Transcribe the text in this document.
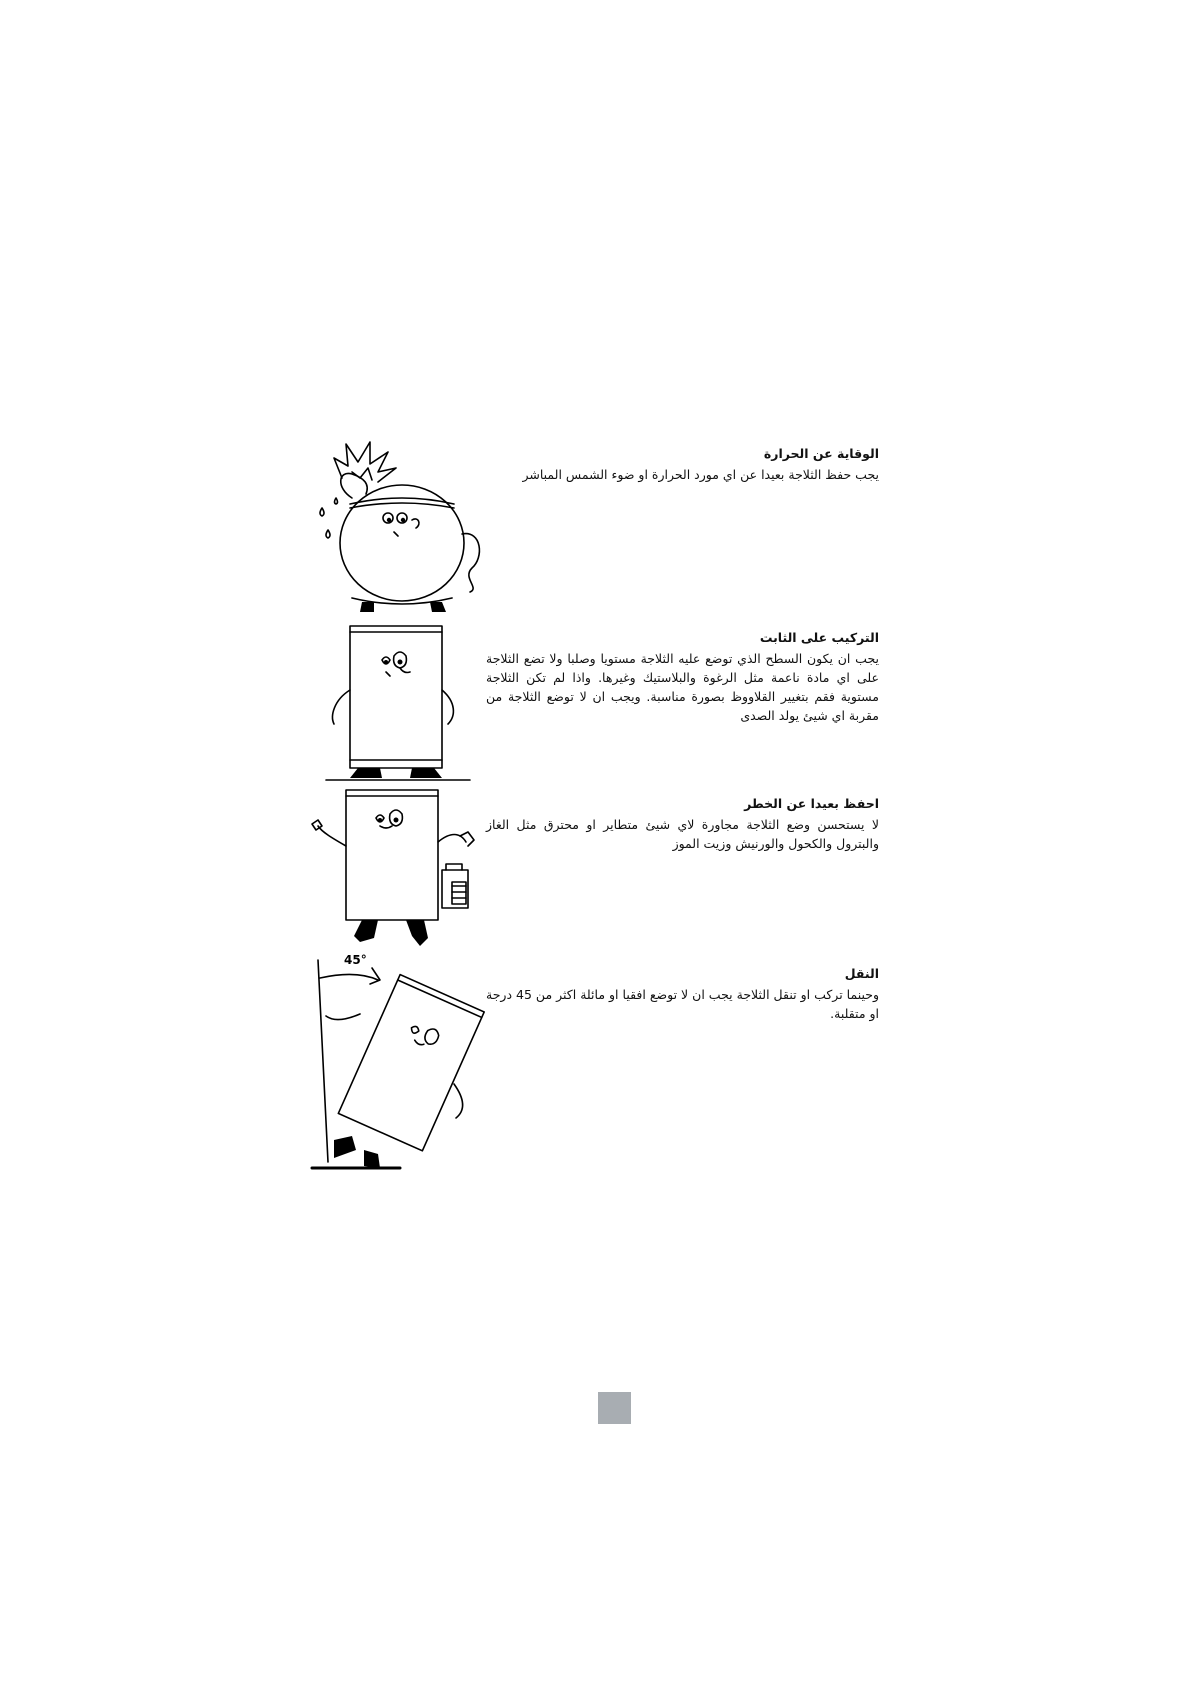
45°
الوقاية عن الحرارة

يجب حفظ الثلاجة بعيدا عن اي مورد الحرارة او ضوء الشمس المباشر

التركيب على الثابت

يجب ان يكون السطح الذي توضع عليه الثلاجة مستويا وصلبا ولا تضع الثلاجة على اي مادة ناعمة مثل الرغوة والبلاستيك وغيرها. واذا لم تكن الثلاجة مستوية فقم بتغيير القلاووظ بصورة مناسبة. ويجب ان لا توضع الثلاجة من مقربة اي شيئ يولد الصدى

احفظ بعيدا عن الخطر

لا يستحسن وضع الثلاجة مجاورة لاي شيئ متطاير او محترق مثل الغاز والبترول والكحول والورنيش وزيت الموز

النقل

وحينما تركب او تنقل الثلاجة يجب ان لا توضع افقيا او مائلة اكثر من 45 درجة او متقلبة.
